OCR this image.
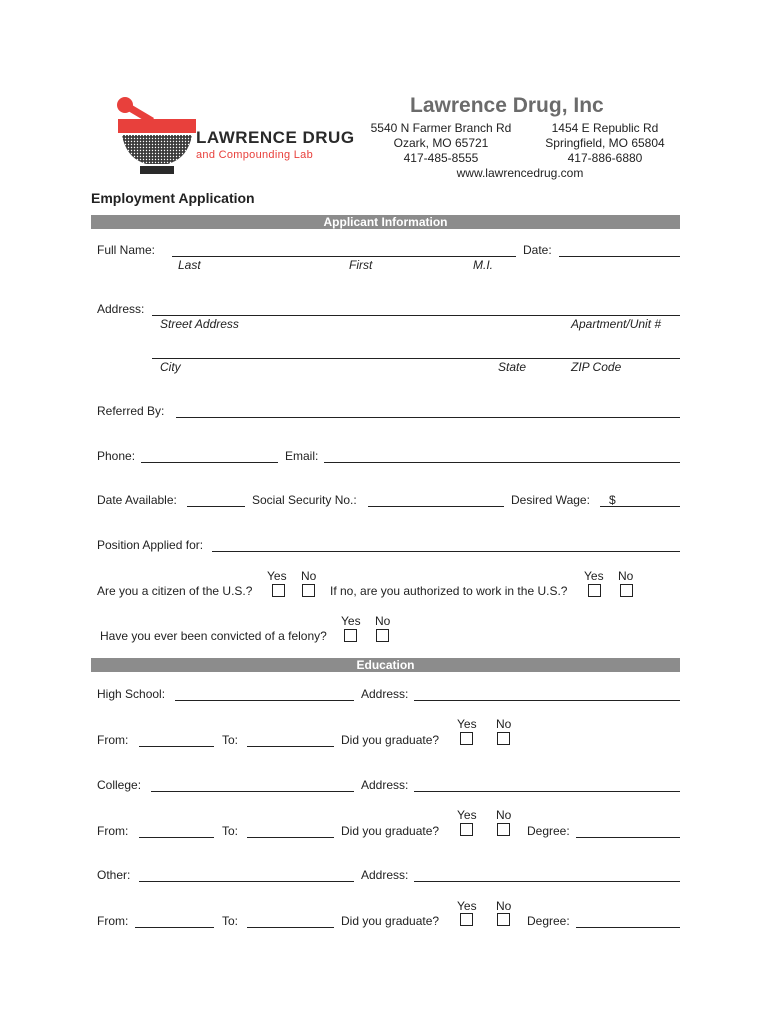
LAWRENCE DRUG
and Compounding Lab
Lawrence Drug, Inc
5540 N Farmer Branch Rd
Ozark, MO 65721
417-485-8555
1454 E Republic Rd
Springfield, MO 65804
417-886-6880
www.lawrencedrug.com
Employment Application
Applicant Information
Full Name:	Date:
Last	First	M.I.
Address:
Street Address	Apartment/Unit #
City	State	ZIP Code
Referred By:
Phone:	Email:
Date Available:	Social Security No.:	Desired Wage: $
Position Applied for:
Yes No
Are you a citizen of the U.S.?
Yes No
If no, are you authorized to work in the U.S.?
Yes No
Have you ever been convicted of a felony?
Education
High School:	Address:
Yes No
From:	To:	Did you graduate?
College:	Address:
Yes No
From:	To:	Did you graduate?	Degree:
Other:	Address:
Yes No
From:	To:	Did you graduate?	Degree:
